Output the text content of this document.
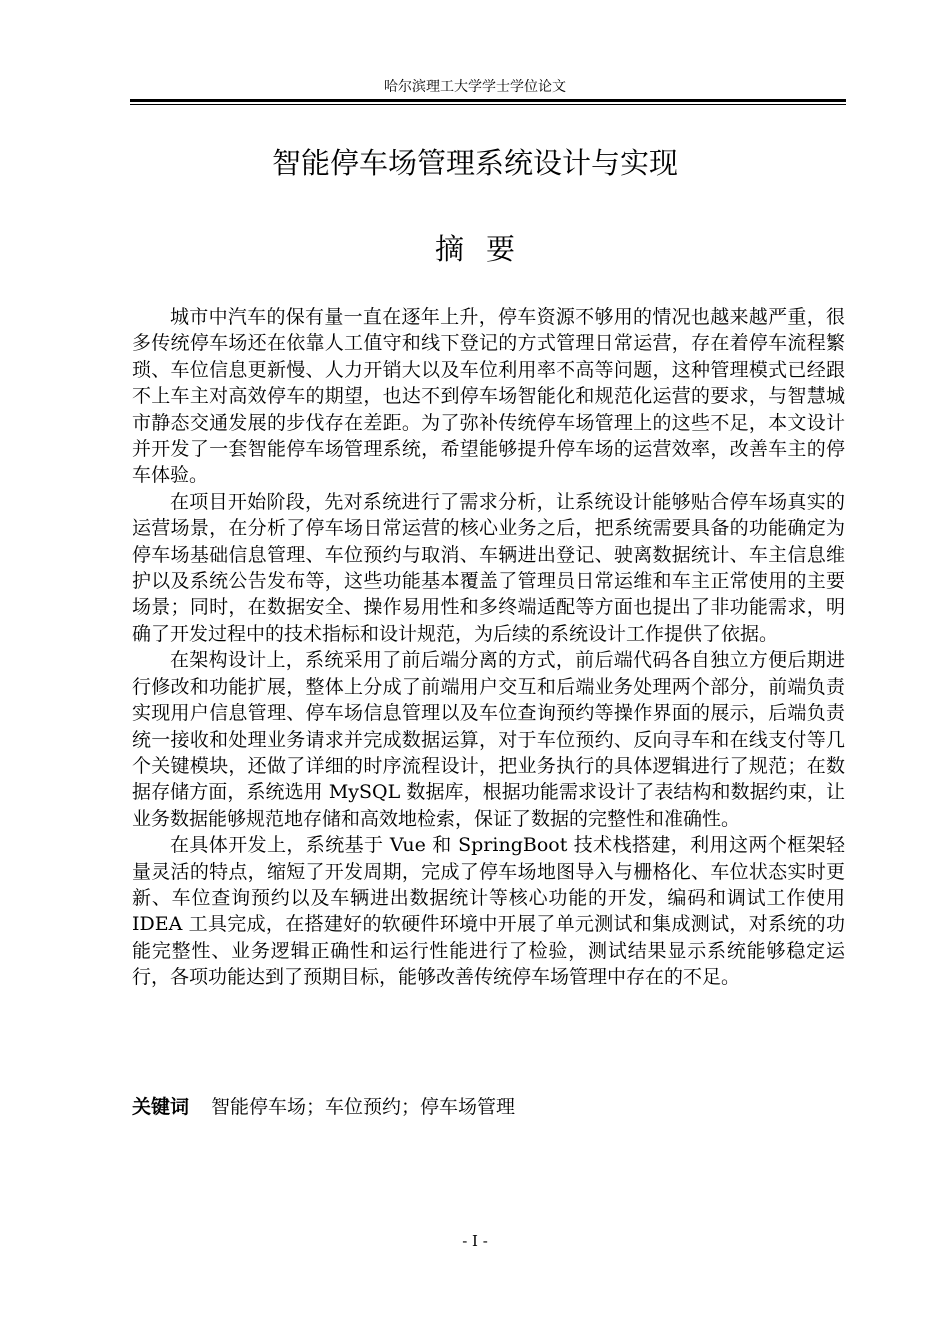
哈尔滨理工大学学士学位论文
智能停车场管理系统设计与实现
摘要

城市中汽车的保有量一直在逐年上升，停车资源不够用的情况也越来越严重，很多传统停车场还在依靠人工值守和线下登记的方式管理日常运营，存在着停车流程繁琐、车位信息更新慢、人力开销大以及车位利用率不高等问题，这种管理模式已经跟不上车主对高效停车的期望，也达不到停车场智能化和规范化运营的要求，与智慧城市静态交通发展的步伐存在差距。为了弥补传统停车场管理上的这些不足，本文设计并开发了一套智能停车场管理系统，希望能够提升停车场的运营效率，改善车主的停车体验。

在项目开始阶段，先对系统进行了需求分析，让系统设计能够贴合停车场真实的运营场景，在分析了停车场日常运营的核心业务之后，把系统需要具备的功能确定为停车场基础信息管理、车位预约与取消、车辆进出登记、驶离数据统计、车主信息维护以及系统公告发布等，这些功能基本覆盖了管理员日常运维和车主正常使用的主要场景；同时，在数据安全、操作易用性和多终端适配等方面也提出了非功能需求，明确了开发过程中的技术指标和设计规范，为后续的系统设计工作提供了依据。

在架构设计上，系统采用了前后端分离的方式，前后端代码各自独立方便后期进行修改和功能扩展，整体上分成了前端用户交互和后端业务处理两个部分，前端负责实现用户信息管理、停车场信息管理以及车位查询预约等操作界面的展示，后端负责统一接收和处理业务请求并完成数据运算，对于车位预约、反向寻车和在线支付等几个关键模块，还做了详细的时序流程设计，把业务执行的具体逻辑进行了规范；在数据存储方面，系统选用 MySQL 数据库，根据功能需求设计了表结构和数据约束，让业务数据能够规范地存储和高效地检索，保证了数据的完整性和准确性。

在具体开发上，系统基于 Vue 和 SpringBoot 技术栈搭建，利用这两个框架轻量灵活的特点，缩短了开发周期，完成了停车场地图导入与栅格化、车位状态实时更新、车位查询预约以及车辆进出数据统计等核心功能的开发，编码和调试工作使用 IDEA 工具完成，在搭建好的软硬件环境中开展了单元测试和集成测试，对系统的功能完整性、业务逻辑正确性和运行性能进行了检验，测试结果显示系统能够稳定运行，各项功能达到了预期目标，能够改善传统停车场管理中存在的不足。

关键词 智能停车场；车位预约；停车场管理
- I -
